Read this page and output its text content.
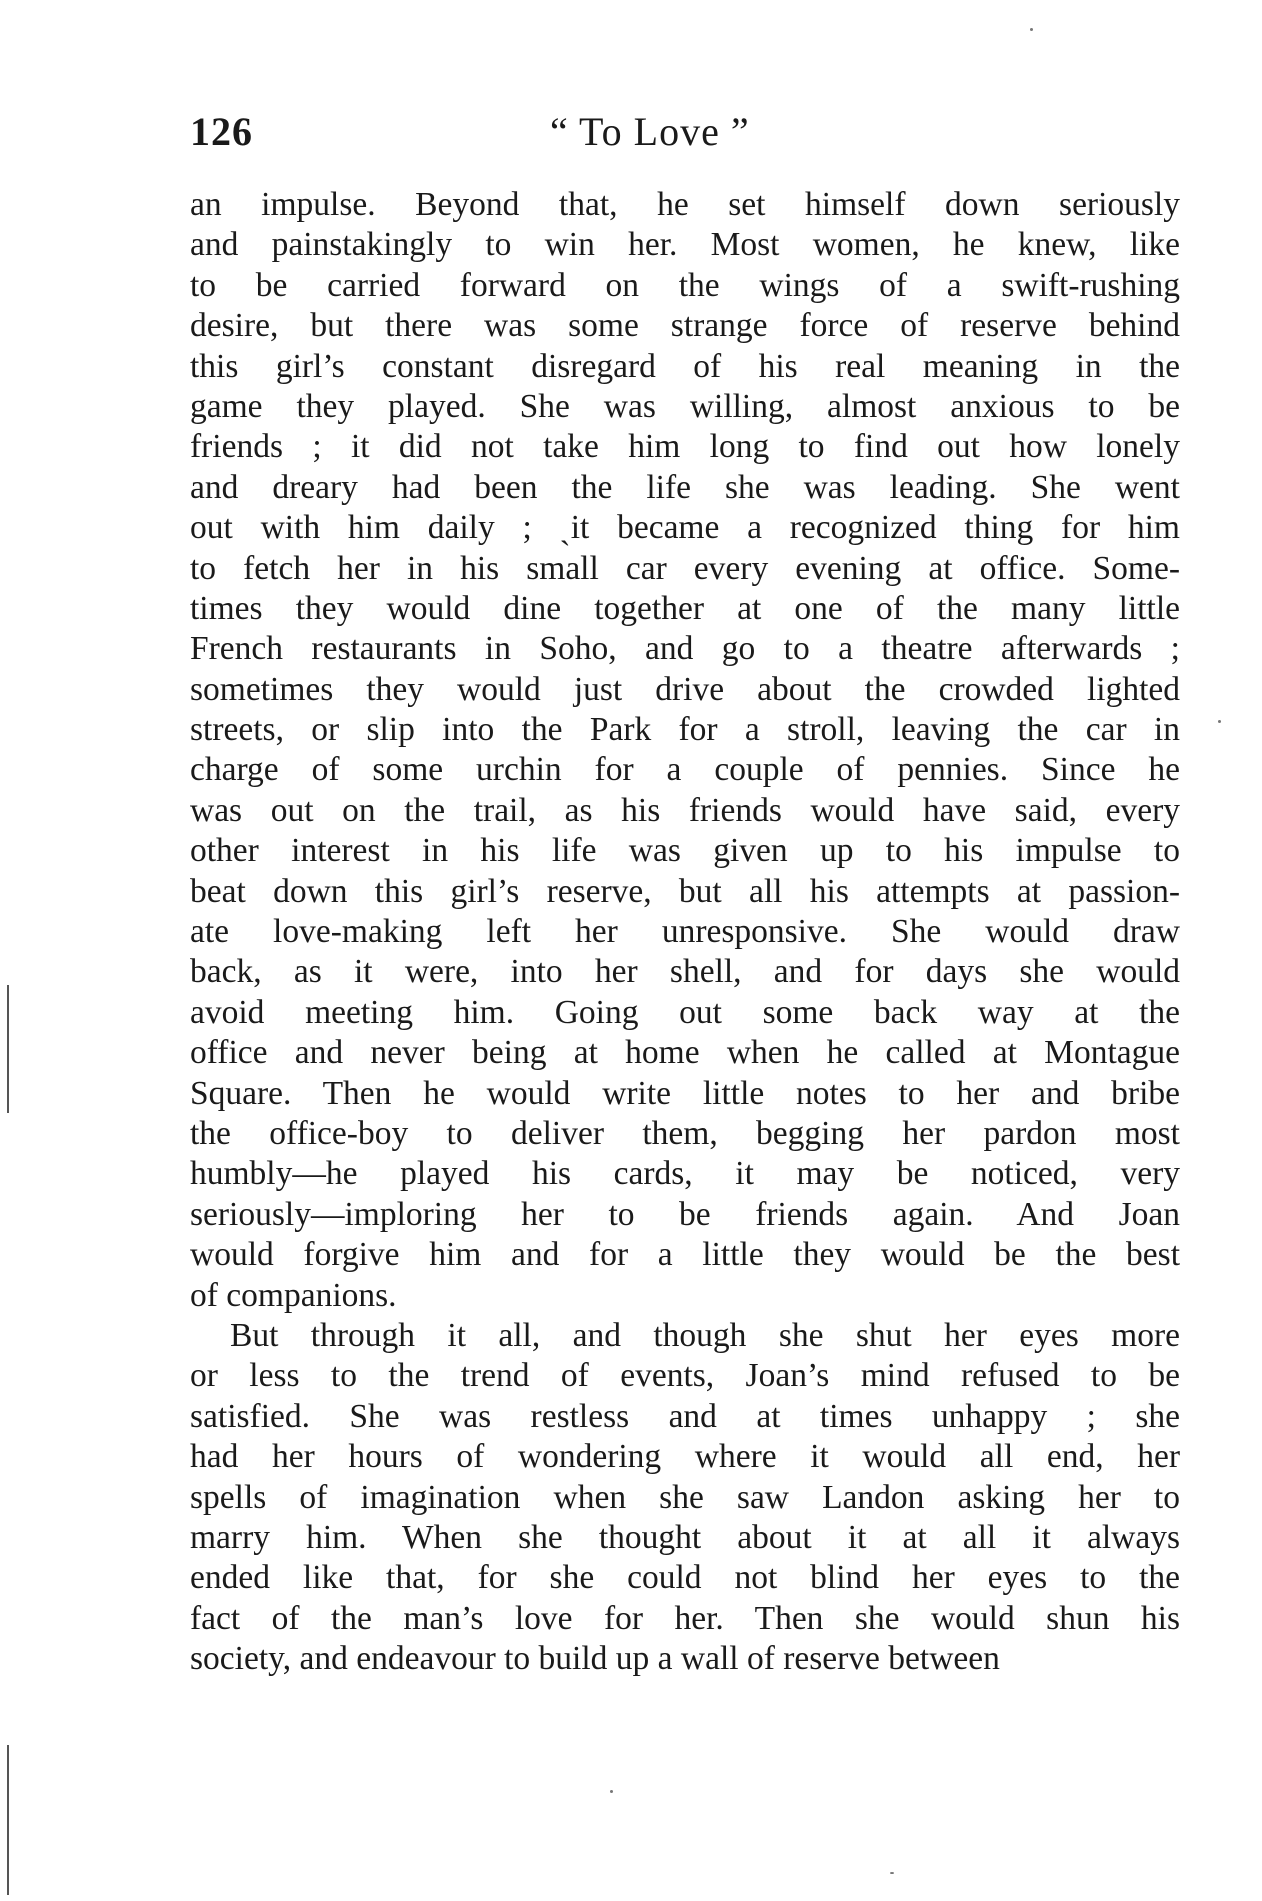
126	“ To Love ”
an impulse. Beyond that, he set himself down seriously
and painstakingly to win her. Most women, he knew, like
to be carried forward on the wings of a swift-rushing
desire, but there was some strange force of reserve behind
this girl’s constant disregard of his real meaning in the
game they played. She was willing, almost anxious to be
friends ; it did not take him long to find out how lonely
and dreary had been the life she was leading. She went
out with him daily ; ˎit became a recognized thing for him
to fetch her in his small car every evening at office. Some-
times they would dine together at one of the many little
French restaurants in Soho, and go to a theatre afterwards ;
sometimes they would just drive about the crowded lighted
streets, or slip into the Park for a stroll, leaving the car in
charge of some urchin for a couple of pennies. Since he
was out on the trail, as his friends would have said, every
other interest in his life was given up to his impulse to
beat down this girl’s reserve, but all his attempts at passion-
ate love-making left her unresponsive. She would draw
back, as it were, into her shell, and for days she would
avoid meeting him. Going out some back way at the
office and never being at home when he called at Montague
Square. Then he would write little notes to her and bribe
the office-boy to deliver them, begging her pardon most
humbly—he played his cards, it may be noticed, very
seriously—imploring her to be friends again. And Joan
would forgive him and for a little they would be the best
of companions.
But through it all, and though she shut her eyes more
or less to the trend of events, Joan’s mind refused to be
satisfied. She was restless and at times unhappy ; she
had her hours of wondering where it would all end, her
spells of imagination when she saw Landon asking her to
marry him. When she thought about it at all it always
ended like that, for she could not blind her eyes to the
fact of the man’s love for her. Then she would shun his
society, and endeavour to build up a wall of reserve between
